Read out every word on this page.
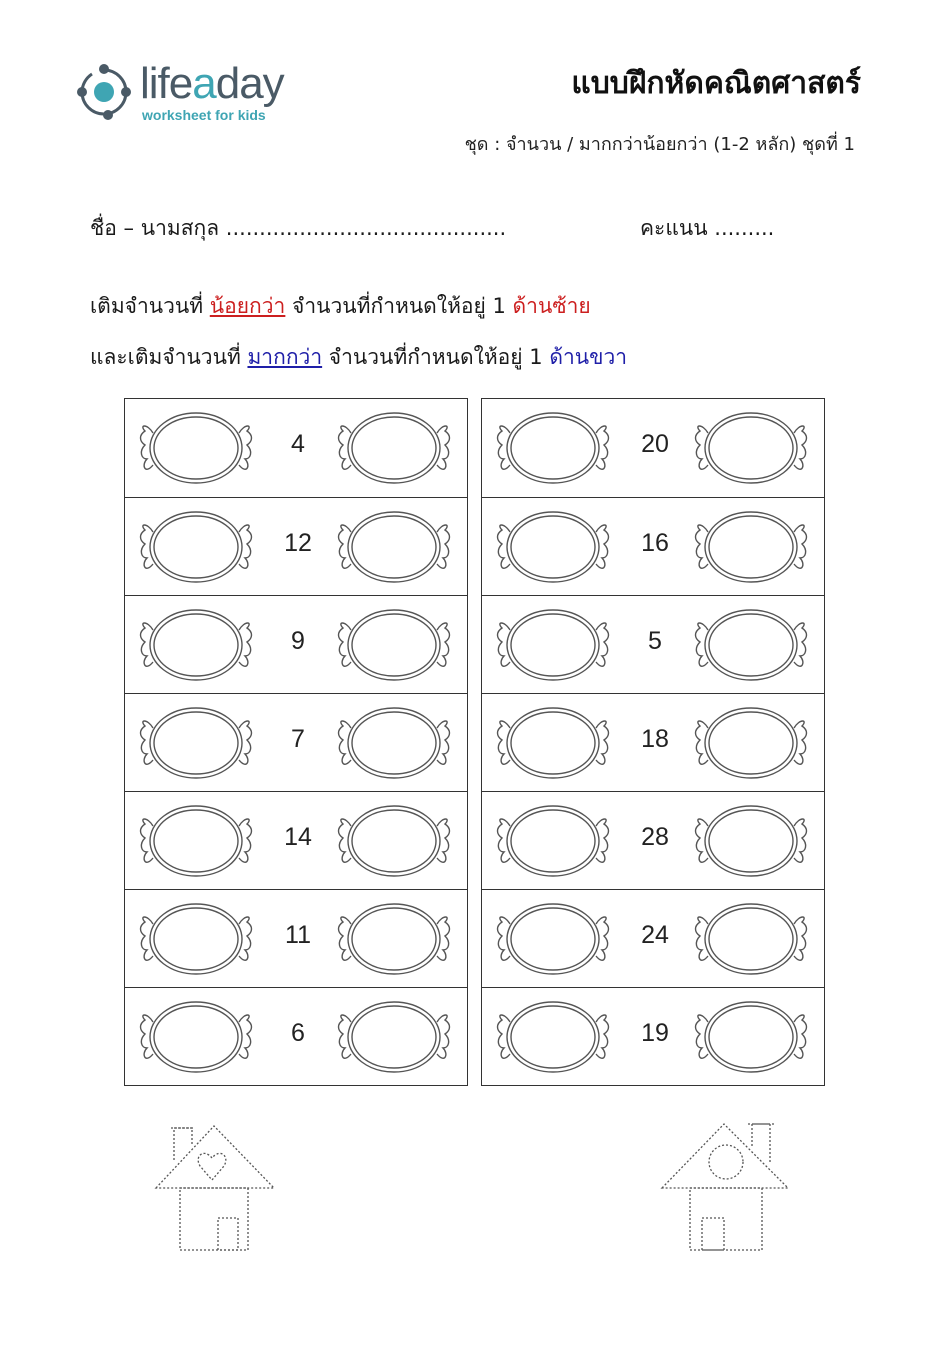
lifeaday
worksheet for kids
แบบฝึกหัดคณิตศาสตร์
ชุด : จำนวน / มากกว่าน้อยกว่า (1-2 หลัก) ชุดที่ 1
ชื่อ – นามสกุล ..........................................	คะแนน .........
เติมจำนวนที่ น้อยกว่า จำนวนที่กำหนดให้อยู่ 1 ด้านซ้าย
และเติมจำนวนที่ มากกว่า จำนวนที่กำหนดให้อยู่ 1 ด้านขวา
4
12
9
7
14
11
6
20
16
5
18
28
24
19
